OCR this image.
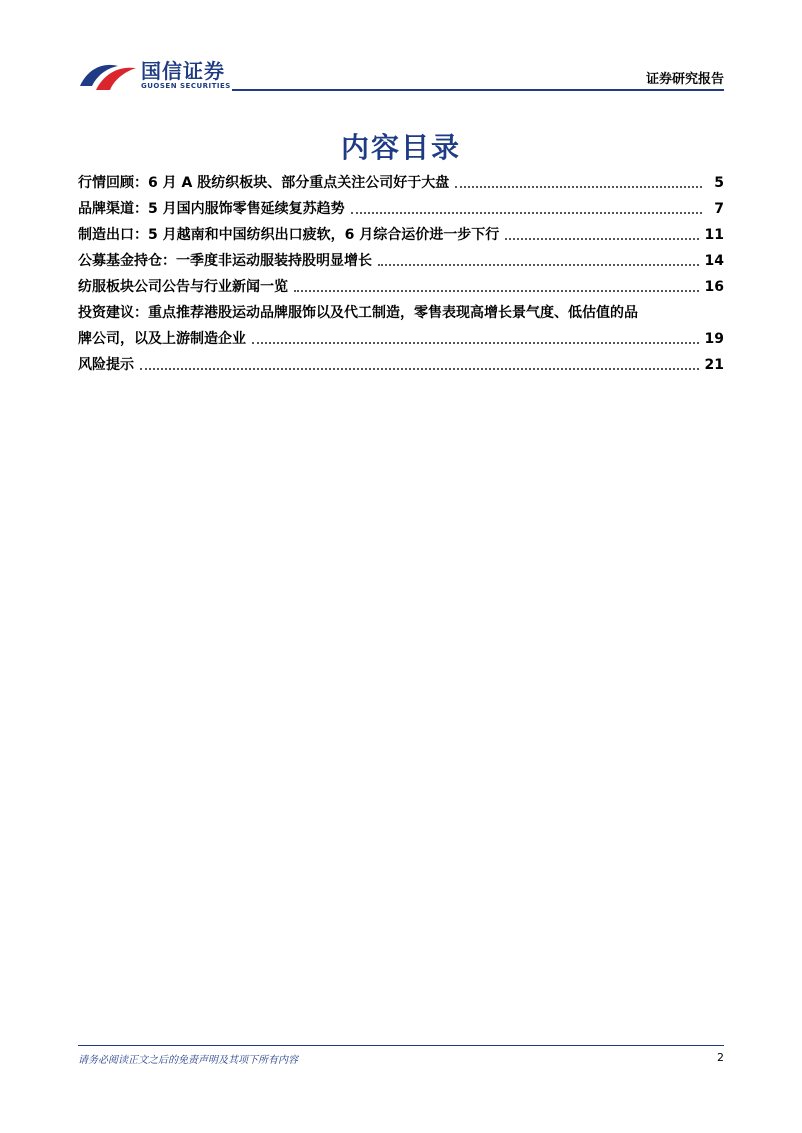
国信证券
GUOSEN SECURITIES	证券研究报告
内容目录
行情回顾：6 月 A 股纺织板块、部分重点关注公司好于大盘	5
品牌渠道：5 月国内服饰零售延续复苏趋势	7
制造出口：5 月越南和中国纺织出口疲软，6 月综合运价进一步下行	11
公募基金持仓：一季度非运动服装持股明显增长	14
纺服板块公司公告与行业新闻一览	16
投资建议：重点推荐港股运动品牌服饰以及代工制造，零售表现高增长景气度、低估值的品
牌公司，以及上游制造企业	19
风险提示	21
请务必阅读正文之后的免责声明及其项下所有内容	2
